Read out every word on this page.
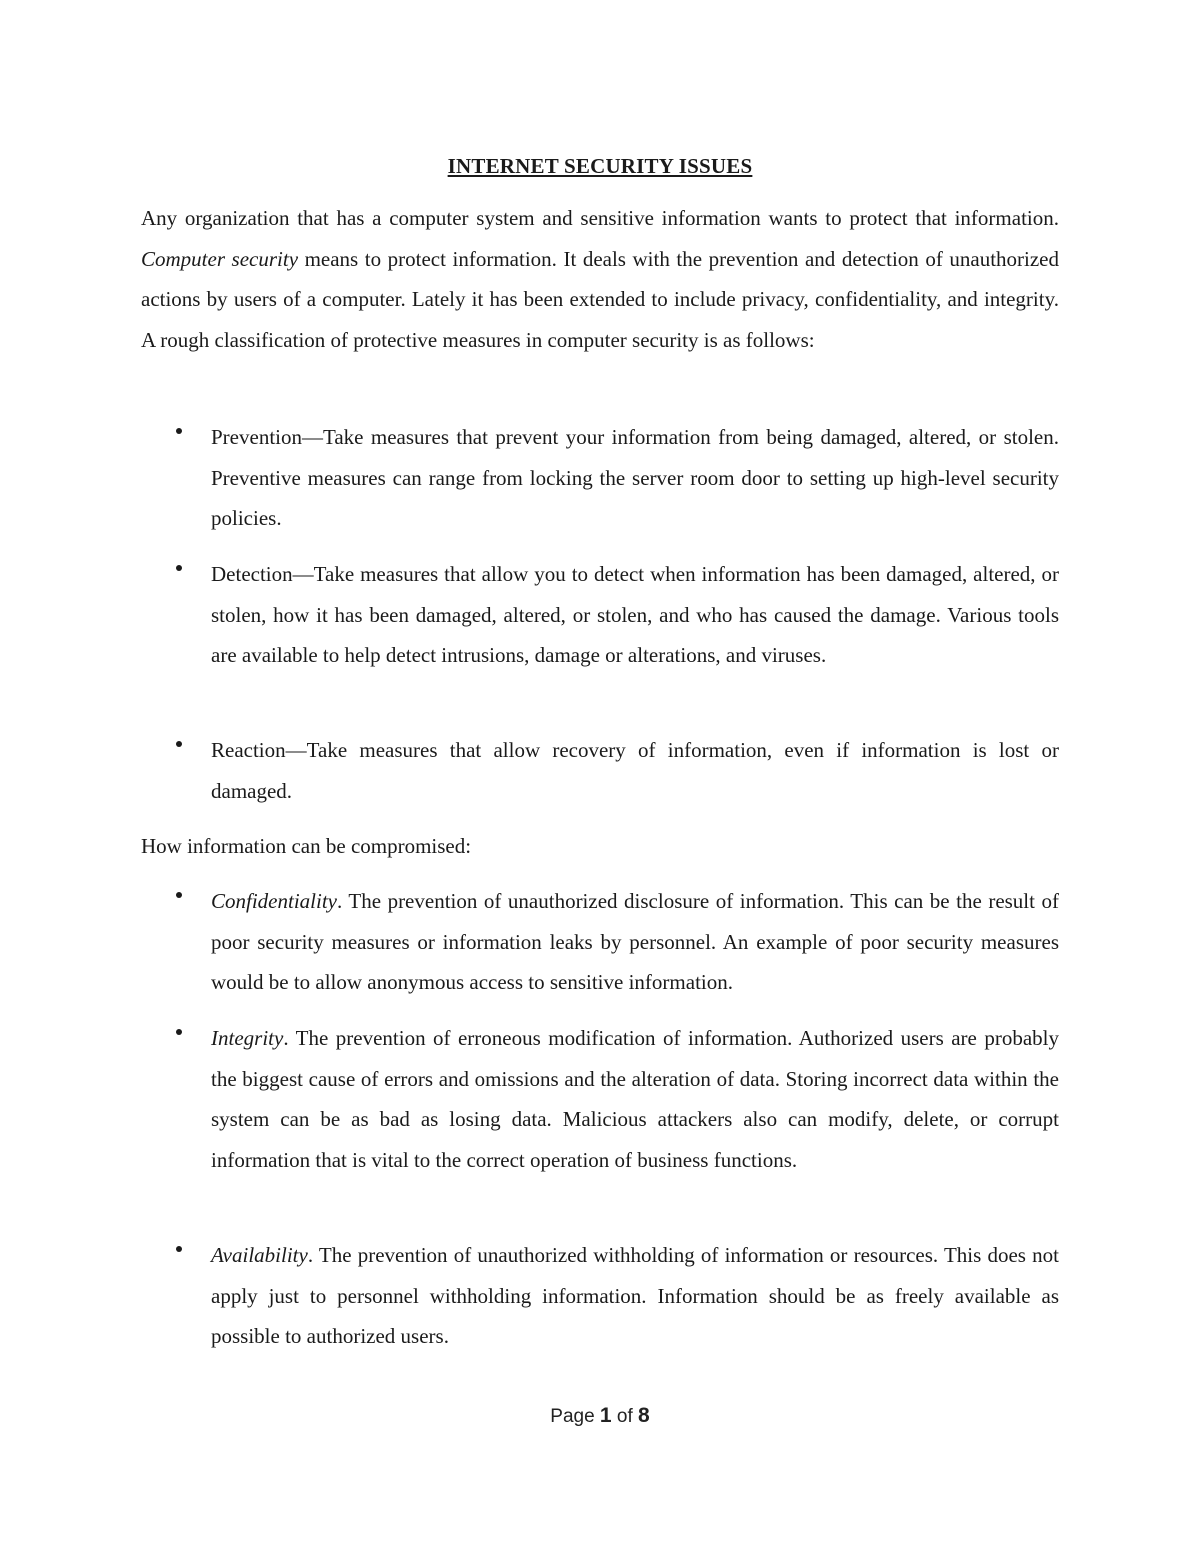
INTERNET SECURITY ISSUES
Any organization that has a computer system and sensitive information wants to protect that information. Computer security means to protect information. It deals with the prevention and detection of unauthorized actions by users of a computer. Lately it has been extended to include privacy, confidentiality, and integrity. A rough classification of protective measures in computer security is as follows:
Prevention—Take measures that prevent your information from being damaged, altered, or stolen. Preventive measures can range from locking the server room door to setting up high-level security policies.
Detection—Take measures that allow you to detect when information has been damaged, altered, or stolen, how it has been damaged, altered, or stolen, and who has caused the damage. Various tools are available to help detect intrusions, damage or alterations, and viruses.
Reaction—Take measures that allow recovery of information, even if information is lost or damaged.
How information can be compromised:
Confidentiality. The prevention of unauthorized disclosure of information. This can be the result of poor security measures or information leaks by personnel. An example of poor security measures would be to allow anonymous access to sensitive information.
Integrity. The prevention of erroneous modification of information. Authorized users are probably the biggest cause of errors and omissions and the alteration of data. Storing incorrect data within the system can be as bad as losing data. Malicious attackers also can modify, delete, or corrupt information that is vital to the correct operation of business functions.
Availability. The prevention of unauthorized withholding of information or resources. This does not apply just to personnel withholding information. Information should be as freely available as possible to authorized users.
Page 1 of 8
